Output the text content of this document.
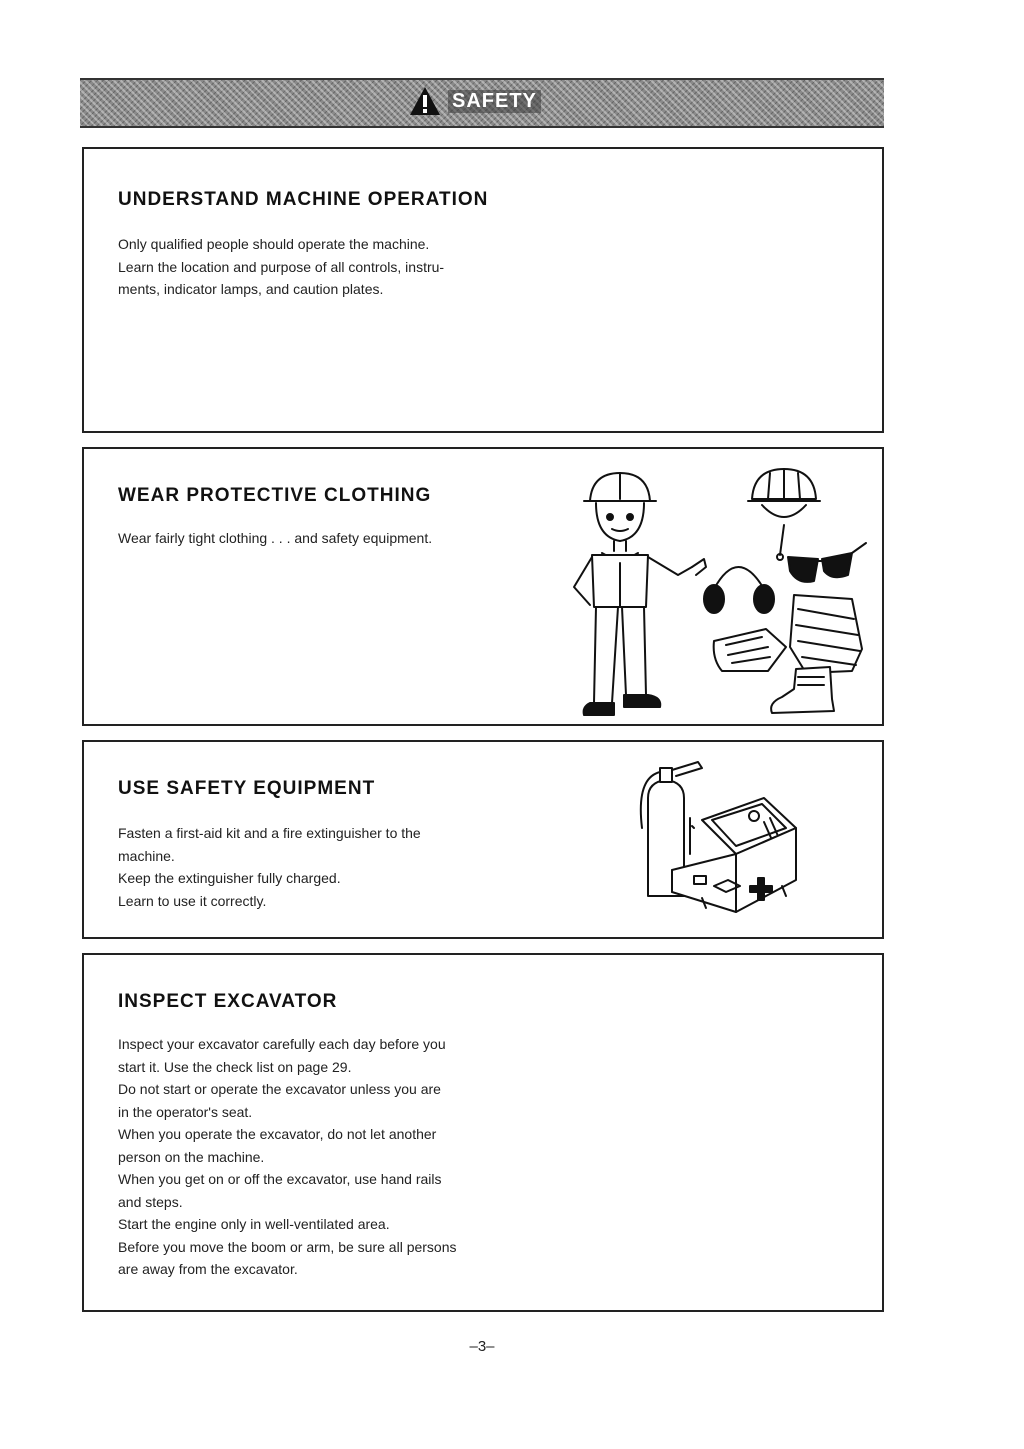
SAFETY
UNDERSTAND MACHINE OPERATION

Only qualified people should operate the machine.

Learn the location and purpose of all controls, instru-

ments, indicator lamps, and caution plates.

WEAR PROTECTIVE CLOTHING

Wear fairly tight clothing . . . and safety equipment.

USE SAFETY EQUIPMENT

Fasten a first-aid kit and a fire extinguisher to the

machine.

Keep the extinguisher fully charged.

Learn to use it correctly.

INSPECT EXCAVATOR

Inspect your excavator carefully each day before you

start it. Use the check list on page 29.

Do not start or operate the excavator unless you are

in the operator's seat.

When you operate the excavator, do not let another

person on the machine.

When you get on or off the excavator, use hand rails

and steps.

Start the engine only in well-ventilated area.

Before you move the boom or arm, be sure all persons

are away from the excavator.

–3–
